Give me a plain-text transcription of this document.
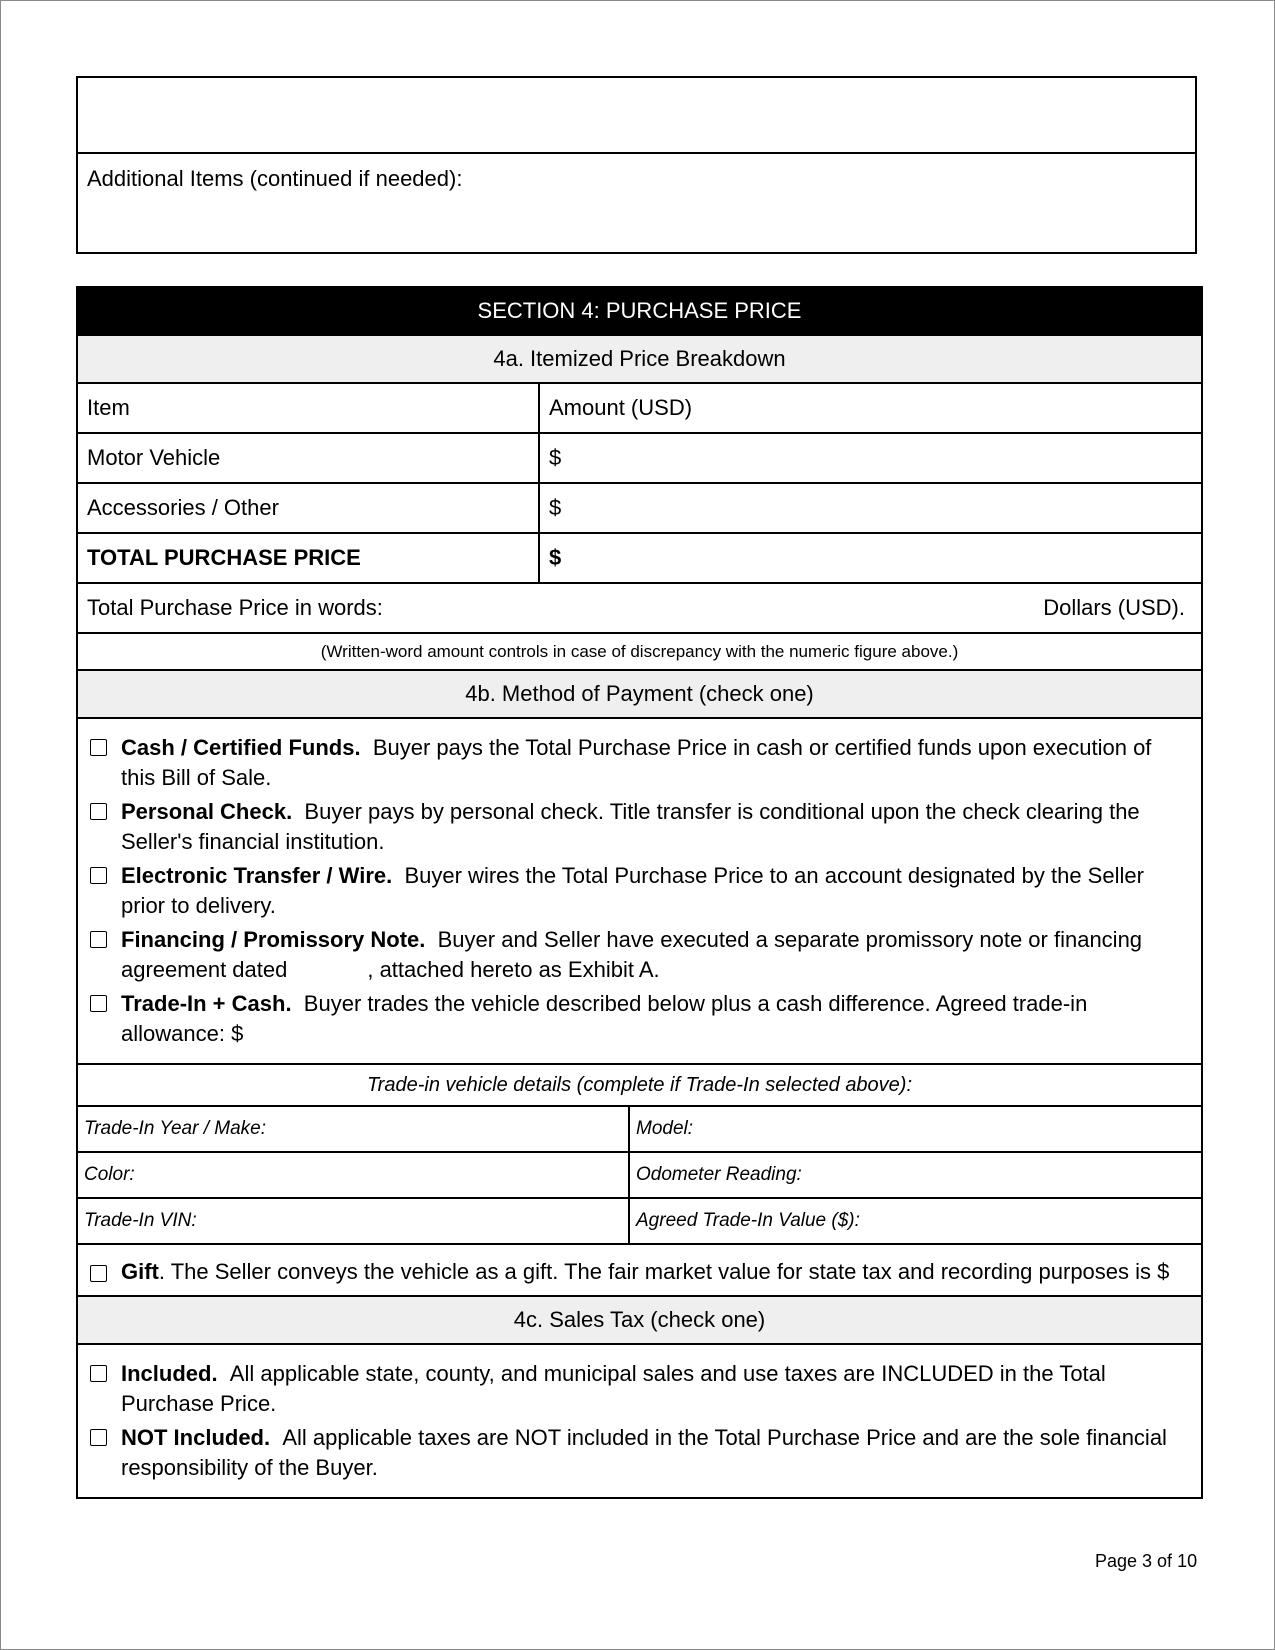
Additional Items (continued if needed):
SECTION 4: PURCHASE PRICE
4a. Itemized Price Breakdown
Item	Amount (USD)
Motor Vehicle	$
Accessories / Other	$
TOTAL PURCHASE PRICE	$
Total Purchase Price in words:	Dollars (USD).
(Written-word amount controls in case of discrepancy with the numeric figure above.)
4b. Method of Payment (check one)
Cash / Certified Funds. Buyer pays the Total Purchase Price in cash or certified funds upon execution of this Bill of Sale.
Personal Check. Buyer pays by personal check. Title transfer is conditional upon the check clearing the Seller's financial institution.
Electronic Transfer / Wire. Buyer wires the Total Purchase Price to an account designated by the Seller prior to delivery.
Financing / Promissory Note. Buyer and Seller have executed a separate promissory note or financing agreement dated	, attached hereto as Exhibit A.
Trade-In + Cash. Buyer trades the vehicle described below plus a cash difference. Agreed trade-in allowance: $
Trade-in vehicle details (complete if Trade-In selected above):
Trade-In Year / Make:	Model:
Color:	Odometer Reading:
Trade-In VIN:	Agreed Trade-In Value ($):
Gift. The Seller conveys the vehicle as a gift. The fair market value for state tax and recording purposes is $
4c. Sales Tax (check one)
Included. All applicable state, county, and municipal sales and use taxes are INCLUDED in the Total Purchase Price.
NOT Included. All applicable taxes are NOT included in the Total Purchase Price and are the sole financial responsibility of the Buyer.
Page 3 of 10
